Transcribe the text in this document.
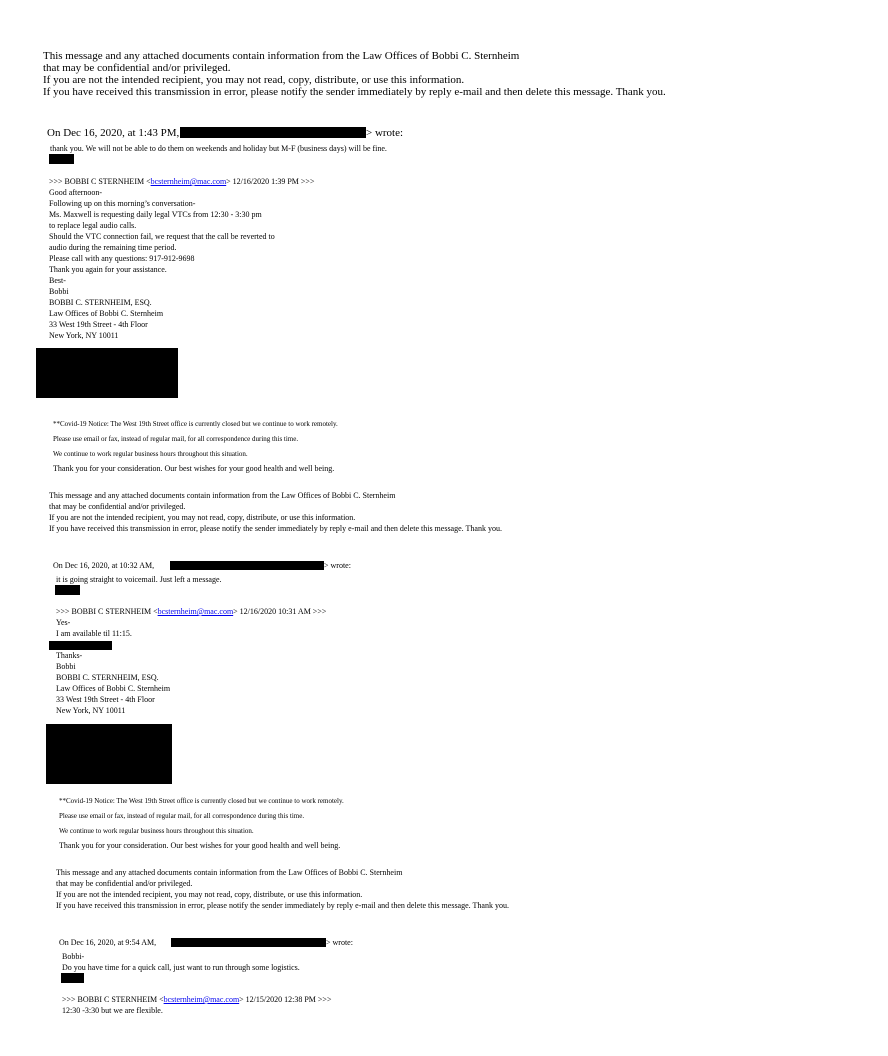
This message and any attached documents contain information from the Law Offices of Bobbi C. Sternheim
that may be confidential and/or privileged.
If you are not the intended recipient, you may not read, copy, distribute, or use this information.
If you have received this transmission in error, please notify the sender immediately by reply e-mail and then delete this message. Thank you.
On Dec 16, 2020, at 1:43 PM,	> wrote:
thank you. We will not be able to do them on weekends and holiday but M-F (business days) will be fine.
>>> BOBBI C STERNHEIM <bcsternheim@mac.com> 12/16/2020 1:39 PM >>>
Good afternoon-
Following up on this morning’s conversation-
Ms. Maxwell is requesting daily legal VTCs from 12:30 - 3:30 pm
to replace legal audio calls.
Should the VTC connection fail, we request that the call be reverted to
audio during the remaining time period.
Please call with any questions: 917-912-9698
Thank you again for your assistance.
Best-
Bobbi
BOBBI C. STERNHEIM, ESQ.
Law Offices of Bobbi C. Sternheim
33 West 19th Street - 4th Floor
New York, NY 10011
**Covid-19 Notice: The West 19th Street office is currently closed but we continue to work remotely.
Please use email or fax, instead of regular mail, for all correspondence during this time.
We continue to work regular business hours throughout this situation.
Thank you for your consideration. Our best wishes for your good health and well being.
This message and any attached documents contain information from the Law Offices of Bobbi C. Sternheim
that may be confidential and/or privileged.
If you are not the intended recipient, you may not read, copy, distribute, or use this information.
If you have received this transmission in error, please notify the sender immediately by reply e-mail and then delete this message. Thank you.
On Dec 16, 2020, at 10:32 AM,	> wrote:
it is going straight to voicemail. Just left a message.
>>> BOBBI C STERNHEIM <bcsternheim@mac.com> 12/16/2020 10:31 AM >>>
Yes-
I am available til 11:15.
Thanks-
Bobbi
BOBBI C. STERNHEIM, ESQ.
Law Offices of Bobbi C. Sternheim
33 West 19th Street - 4th Floor
New York, NY 10011
**Covid-19 Notice: The West 19th Street office is currently closed but we continue to work remotely.
Please use email or fax, instead of regular mail, for all correspondence during this time.
We continue to work regular business hours throughout this situation.
Thank you for your consideration. Our best wishes for your good health and well being.
This message and any attached documents contain information from the Law Offices of Bobbi C. Sternheim
that may be confidential and/or privileged.
If you are not the intended recipient, you may not read, copy, distribute, or use this information.
If you have received this transmission in error, please notify the sender immediately by reply e-mail and then delete this message. Thank you.
On Dec 16, 2020, at 9:54 AM,	> wrote:
Bobbi-
Do you have time for a quick call, just want to run through some logistics.
>>> BOBBI C STERNHEIM <bcsternheim@mac.com> 12/15/2020 12:38 PM >>>
12:30 -3:30 but we are flexible.
